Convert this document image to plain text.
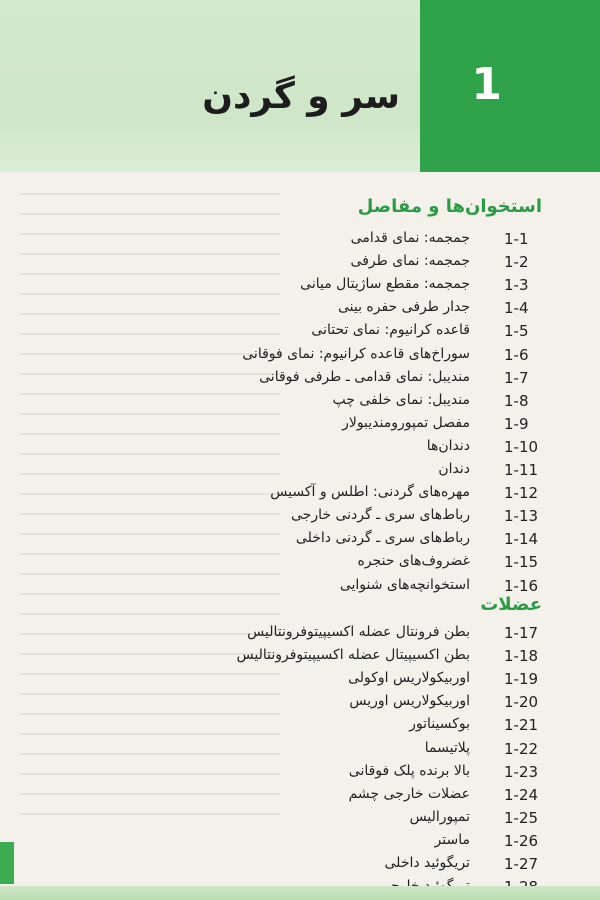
1
سر و گردن
استخوان‌ها و مفاصل
1-1
جمجمه: نمای قدامی
1-2
جمجمه: نمای طرفی
1-3
جمجمه: مقطع ساژیتال میانی
1-4
جدار طرفی حفره بینی
1-5
قاعده کرانیوم: نمای تحتانی
1-6
سوراخ‌های قاعده کرانیوم: نمای فوقانی
1-7
مندیبل: نمای قدامی ـ طرفی فوقانی
1-8
مندیبل: نمای خلفی چپ
1-9
مفصل تمپورومندیبولار
1-10
دندان‌ها
1-11
دندان
1-12
مهره‌های گردنی: اطلس و آکسیس
1-13
رباط‌های سری ـ گردنی خارجی
1-14
رباط‌های سری ـ گردنی داخلی
1-15
غضروف‌های حنجره
1-16
استخوانچه‌های شنوایی
عضلات
1-17
بطن فرونتال عضله اکسیپیتوفرونتالیس
1-18
بطن اکسیپیتال عضله اکسیپیتوفرونتالیس
1-19
اوربیکولاریس اوکولی
1-20
اوربیکولاریس اوریس
1-21
بوکسیناتور
1-22
پلاتیسما
1-23
بالا برنده پلک فوقانی
1-24
عضلات خارجی چشم
1-25
تمپورالیس
1-26
ماستر
1-27
تریگوئید داخلی
